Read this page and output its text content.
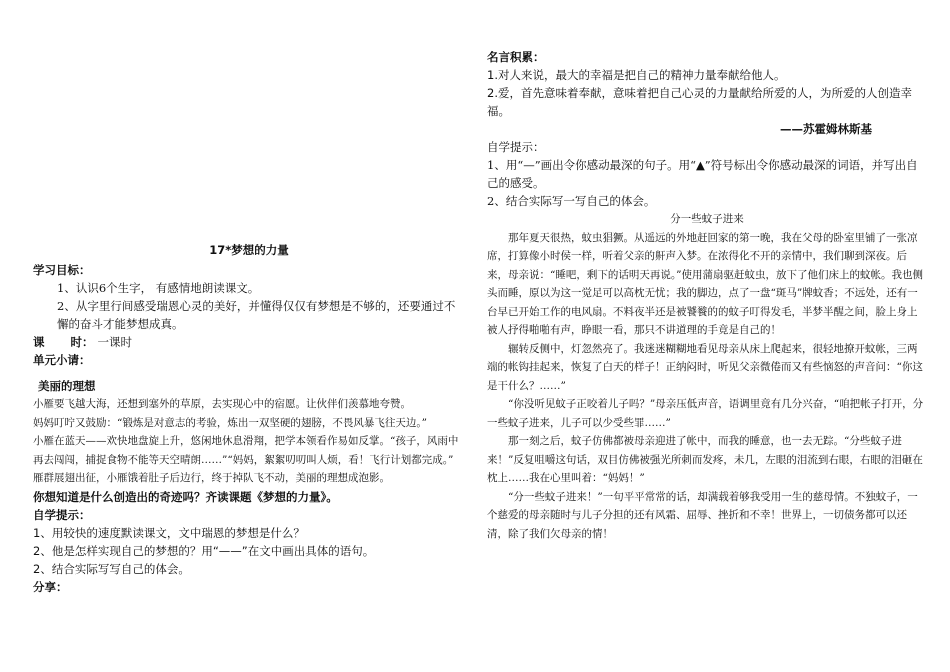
17*梦想的力量

学习目标：

1、认识6个生字， 有感情地朗读课文。

2、从字里行间感受瑞恩心灵的美好，并懂得仅仅有梦想是不够的，还要通过不懈的奋斗才能梦想成真。

课 时： 一课时

单元小请：

美丽的理想

小雁要飞越大海，还想到塞外的草原，去实现心中的宿愿。让伙伴们羡慕地夸赞。

妈妈叮咛又鼓励：“锻炼是对意志的考验，炼出一双坚硬的翅膀，不畏风暴飞往天边。”

小雁在蓝天——欢快地盘旋上升，悠闲地休息滑翔，把学本领看作易如反掌。“孩子，风雨中再去闯闯，捕捉食物不能等天空晴朗……”“妈妈，絮絮叨叨叫人烦，看！飞行计划都完成。”

雁群展翅出征，小雁饿着肚子后边行，终于掉队飞不动，美丽的理想成泡影。

你想知道是什么创造出的奇迹吗？齐读课题《梦想的力量》。

自学提示：

1、用较快的速度默读课文，文中瑞恩的梦想是什么？

2、他是怎样实现自己的梦想的？用“——”在文中画出具体的语句。

2、结合实际写写自己的体会。

分享：

名言积累：

1.对人来说，最大的幸福是把自己的精神力量奉献给他人。

2.爱，首先意味着奉献，意味着把自己心灵的力量献给所爱的人，为所爱的人创造幸福。

——苏霍姆林斯基

自学提示：

1、用“—”画出令你感动最深的句子。用“▲”符号标出令你感动最深的词语，并写出自己的感受。

2、结合实际写一写自己的体会。

分一些蚊子进来

那年夏天很热，蚊虫猖獗。从遥远的外地赶回家的第一晚，我在父母的卧室里铺了一张凉席，打算像小时侯一样，听着父亲的鼾声入梦。在浓得化不开的亲情中，我们聊到深夜。后来，母亲说：“睡吧，剩下的话明天再说。”使用蒲扇驱赶蚊虫，放下了他们床上的蚊帐。我也侧头而睡，原以为这一觉足可以高枕无忧；我的脚边，点了一盘“斑马”牌蚊香；不远处，还有一台早已开始工作的电风扇。不料夜半还是被饕餮的的蚊子叮得发毛，半梦半醒之间，脸上身上被人抒得啪啪有声，睁眼一看，那只不讲道理的手竟是自己的！

辗转反侧中，灯忽然亮了。我迷迷糊糊地看见母亲从床上爬起来，很轻地撩开蚊帐，三两端的帐钩挂起来，恢复了白天的样子！正纳闷时，听见父亲微倦而又有些恼怒的声音问：“你这是干什么？……”

“你没听见蚊子正咬着儿子吗？”母亲压低声音，语调里竟有几分兴奋，“咱把帐子打开，分一些蚊子进来，儿子可以少受些罪……”

那一刻之后，蚊子仿佛都被母亲迎进了帐中，而我的睡意，也一去无踪。“分些蚊子进来！”反复咀嚼这句话，双目仿佛被强光所刺而发疼，未几，左眼的泪流到右眼，右眼的泪砸在枕上……我在心里叫着：“妈妈！”

“分一些蚊子进来！”一句平平常常的话，却满载着够我受用一生的慈母情。不独蚊子，一个慈爱的母亲随时与儿子分担的还有风霜、屈辱、挫折和不幸！世界上，一切债务都可以还清，除了我们欠母亲的情！
